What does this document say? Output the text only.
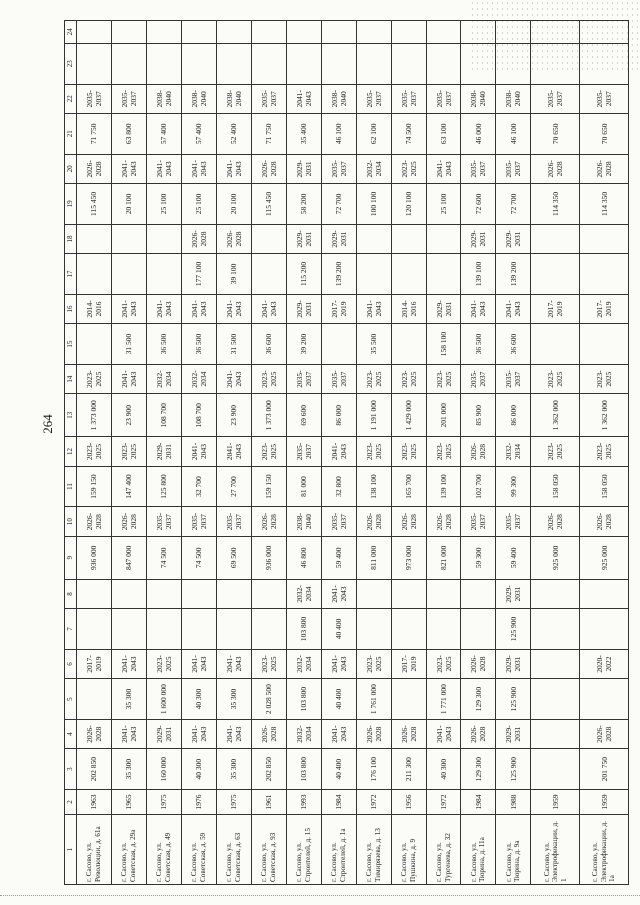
264
1	2	3	4	5	6	7	8	9	10	11	12	13	14	15	16	17	18	19	20	21	22	23	24
г. Сасово, ул. Революции, д. 61а	1963	202 850	2026-2028		2017-2019			936 000	2026-2028	159 150	2023-2025	1 373 000	2023-2025		2014-2016			115 450	2026-2028	71 750	2035-2037		
г. Сасово, ул. Советская, д. 29а	1965	35 300	2041-2043	35 300	2041-2043			847 000	2026-2028	147 400	2023-2025	23 900	2041-2043	31 500	2041-2043			20 100	2041-2043	63 800	2035-2037		
г. Сасово, ул. Советская, д. 49	1975	160 000	2029-2031	1 600 000	2023-2025			74 500	2035-2037	125 800	2029-2031	108 700	2032-2034	36 500	2041-2043			25 100	2041-2043	57 400	2038-2040		
г. Сасово, ул. Советская, д. 59	1976	40 300	2041-2043	40 300	2041-2043			74 500	2035-2037	32 700	2041-2043	108 700	2032-2034	36 500	2041-2043	177 100	2026-2028	25 100	2041-2043	57 400	2038-2040		
г. Сасово, ул. Советская, д. 63	1975	35 300	2041-2043	35 300	2041-2043			69 500	2035-2037	27 700	2041-2043	23 900	2041-2043	31 500	2041-2043	39 100	2026-2028	20 100	2041-2043	52 400	2038-2040		
г. Сасово, ул. Советская, д. 93	1961	202 850	2026-2028	2 028 500	2023-2025			936 000	2026-2028	159 150	2023-2025	1 373 000	2023-2025	36 600	2041-2043			115 450	2026-2028	71 750	2035-2037		
г. Сасово, ул. Строителей, д. 15	1993	103 800	2032-2034	103 800	2032-2034	103 800	2032-2034	46 800	2038-2040	81 000	2035-2037	69 600	2035-2037	39 200	2029-2031	115 200	2029-2031	58 200	2029-2031	35 400	2041-2043		
г. Сасово, ул. Строителей, д. 1а	1984	40 400	2041-2043	40 400	2041-2043	40 400	2041-2043	59 400	2035-2037	32 800	2041-2043	86 000	2035-2037		2017-2019	139 200	2029-2031	72 700	2035-2037	46 100	2038-2040		
г. Сасово, ул. Тимирязева, д. 13	1972	176 100	2026-2028	1 761 000	2023-2025			811 000	2026-2028	138 100	2023-2025	1 191 000	2023-2025	35 500	2041-2043			100 100	2032-2034	62 100	2035-2037		
г. Сасово, ул. Пушкина, д. 9	1956	211 300	2026-2028		2017-2019			973 000	2026-2028	165 700	2023-2025	1 429 000	2023-2025		2014-2016			120 100	2023-2025	74 500	2035-2037		
г. Сасово, ул. Тургенева, д. 32	1972	40 300	2041-2043	1 771 000	2023-2025			821 000	2026-2028	139 100	2023-2025	201 000	2023-2025	158 100	2029-2031			25 100	2041-2043	63 100	2035-2037		
г. Сасово, ул. Тюрина, д. 11а	1984	129 300	2026-2028	129 300	2026-2028			59 300	2035-2037	102 700	2026-2028	85 900	2035-2037	36 500	2041-2043	139 100	2029-2031	72 600	2035-2037	46 000	2038-2040		
г. Сасово, ул. Тюрина, д. 9а	1988	125 900	2029-2031	125 900	2029-2031	125 900	2029-2031	59 400	2035-2037	99 300	2032-2034	86 000	2035-2037	36 600	2041-2043	139 200	2029-2031	72 700	2035-2037	46 100	2038-2040		
г. Сасово, ул. Электрофикации, д. 1	1959							925 000	2026-2028	158 050	2023-2025	1 362 000	2023-2025		2017-2019			114 350	2026-2028	70 650	2035-2037		
г. Сасово, ул. Электрофикации, д. 1а	1959	201 750	2026-2028		2020-2022			925 000	2026-2028	158 050	2023-2025	1 362 000	2023-2025		2017-2019			114 350	2026-2028	70 650	2035-2037		
